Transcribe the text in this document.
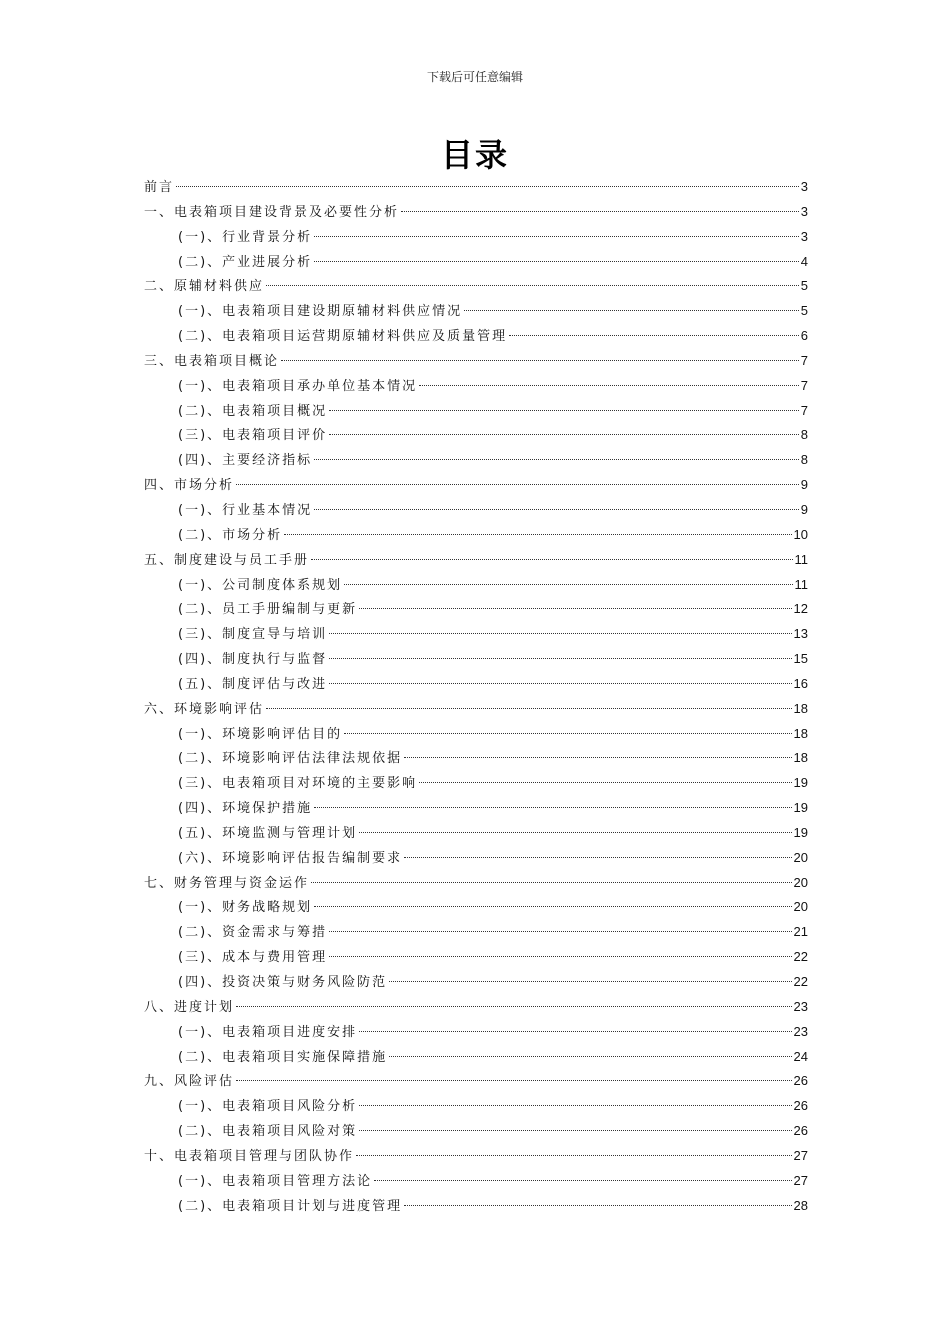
下载后可任意编辑
目录
前言	3
一、电表箱项目建设背景及必要性分析	3
(一)、行业背景分析	3
(二)、产业进展分析	4
二、原辅材料供应	5
(一)、电表箱项目建设期原辅材料供应情况	5
(二)、电表箱项目运营期原辅材料供应及质量管理	6
三、电表箱项目概论	7
(一)、电表箱项目承办单位基本情况	7
(二)、电表箱项目概况	7
(三)、电表箱项目评价	8
(四)、主要经济指标	8
四、市场分析	9
(一)、行业基本情况	9
(二)、市场分析	10
五、制度建设与员工手册	11
(一)、公司制度体系规划	11
(二)、员工手册编制与更新	12
(三)、制度宣导与培训	13
(四)、制度执行与监督	15
(五)、制度评估与改进	16
六、环境影响评估	18
(一)、环境影响评估目的	18
(二)、环境影响评估法律法规依据	18
(三)、电表箱项目对环境的主要影响	19
(四)、环境保护措施	19
(五)、环境监测与管理计划	19
(六)、环境影响评估报告编制要求	20
七、财务管理与资金运作	20
(一)、财务战略规划	20
(二)、资金需求与筹措	21
(三)、成本与费用管理	22
(四)、投资决策与财务风险防范	22
八、进度计划	23
(一)、电表箱项目进度安排	23
(二)、电表箱项目实施保障措施	24
九、风险评估	26
(一)、电表箱项目风险分析	26
(二)、电表箱项目风险对策	26
十、电表箱项目管理与团队协作	27
(一)、电表箱项目管理方法论	27
(二)、电表箱项目计划与进度管理	28
